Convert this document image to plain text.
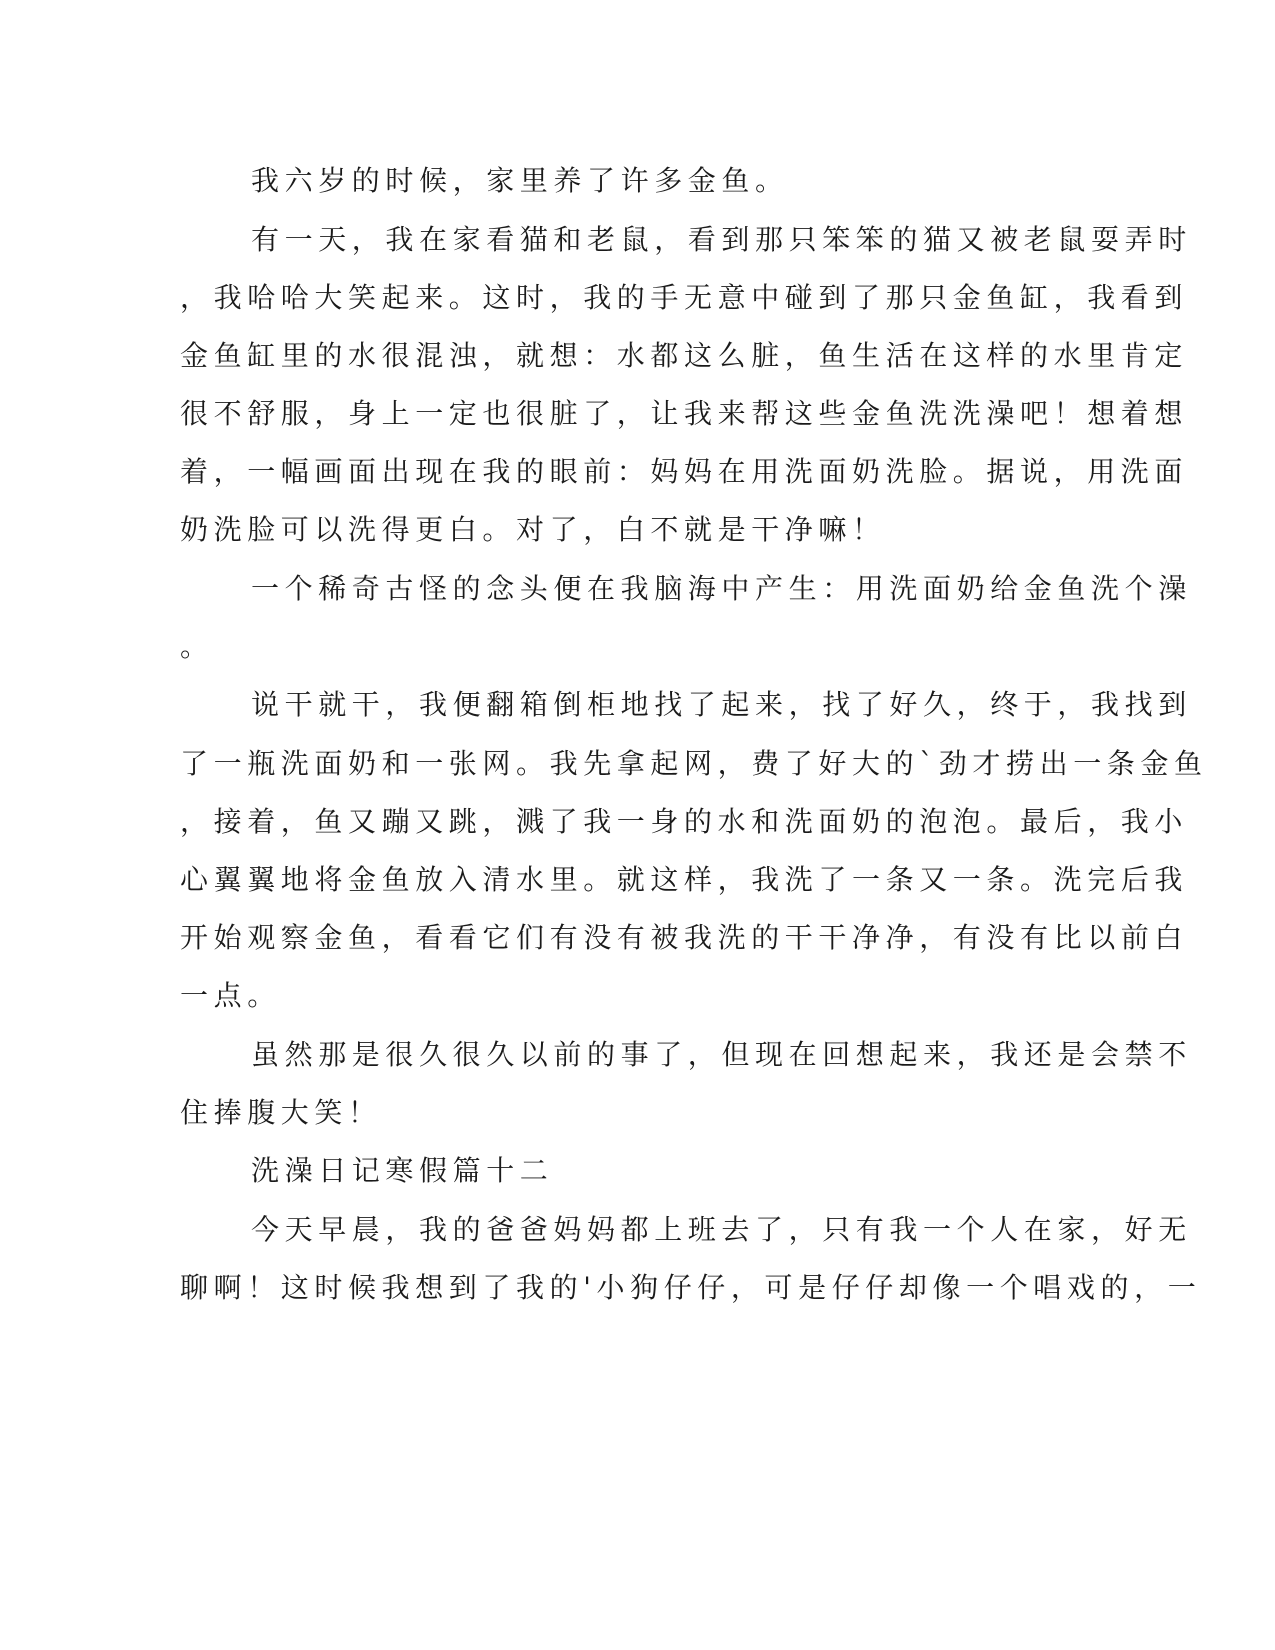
我六岁的时候，家里养了许多金鱼。
有一天，我在家看猫和老鼠，看到那只笨笨的猫又被老鼠耍弄时
，我哈哈大笑起来。这时，我的手无意中碰到了那只金鱼缸，我看到
金鱼缸里的水很混浊，就想：水都这么脏，鱼生活在这样的水里肯定
很不舒服，身上一定也很脏了，让我来帮这些金鱼洗洗澡吧！想着想
着，一幅画面出现在我的眼前：妈妈在用洗面奶洗脸。据说，用洗面
奶洗脸可以洗得更白。对了，白不就是干净嘛！
一个稀奇古怪的念头便在我脑海中产生：用洗面奶给金鱼洗个澡
。
说干就干，我便翻箱倒柜地找了起来，找了好久，终于，我找到
了一瓶洗面奶和一张网。我先拿起网，费了好大的`劲才捞出一条金鱼
，接着，鱼又蹦又跳，溅了我一身的水和洗面奶的泡泡。最后，我小
心翼翼地将金鱼放入清水里。就这样，我洗了一条又一条。洗完后我
开始观察金鱼，看看它们有没有被我洗的干干净净，有没有比以前白
一点。
虽然那是很久很久以前的事了，但现在回想起来，我还是会禁不
住捧腹大笑！
洗澡日记寒假篇十二
今天早晨，我的爸爸妈妈都上班去了，只有我一个人在家，好无
聊啊！这时候我想到了我的'小狗仔仔，可是仔仔却像一个唱戏的，一
